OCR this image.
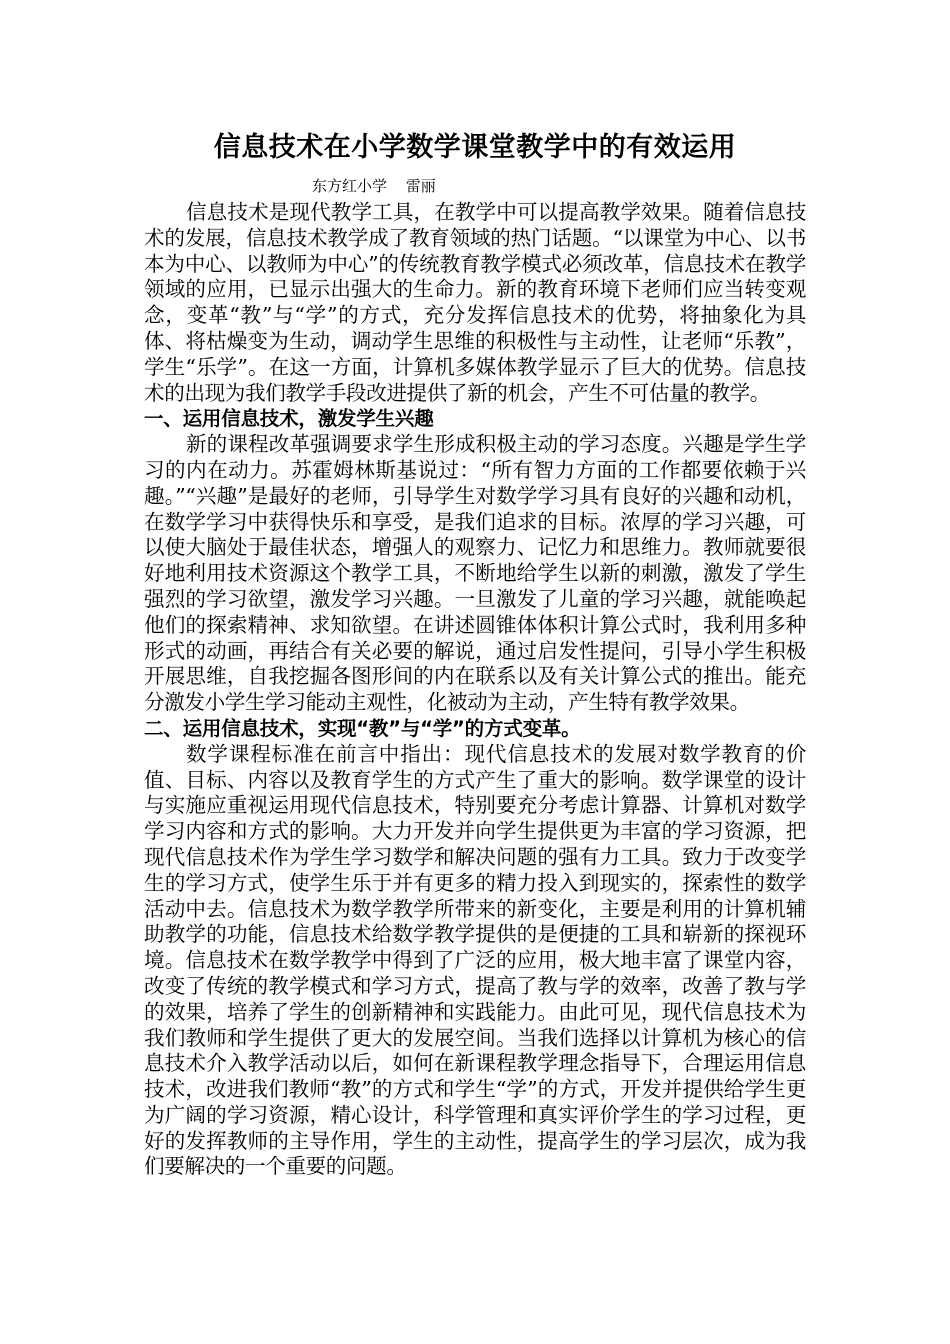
信息技术在小学数学课堂教学中的有效运用

东方红小学 雷丽

信息技术是现代教学工具，在教学中可以提高教学效果。随着信息技术的发展，信息技术教学成了教育领域的热门话题。“以课堂为中心、以书本为中心、以教师为中心”的传统教育教学模式必须改革，信息技术在教学领域的应用，已显示出强大的生命力。新的教育环境下老师们应当转变观念，变革“教”与“学”的方式，充分发挥信息技术的优势，将抽象化为具体、将枯燥变为生动，调动学生思维的积极性与主动性，让老师“乐教”，学生“乐学”。在这一方面，计算机多媒体教学显示了巨大的优势。信息技术的出现为我们教学手段改进提供了新的机会，产生不可估量的教学。

一、运用信息技术，激发学生兴趣

新的课程改革强调要求学生形成积极主动的学习态度。兴趣是学生学习的内在动力。苏霍姆林斯基说过：“所有智力方面的工作都要依赖于兴趣。”“兴趣”是最好的老师，引导学生对数学学习具有良好的兴趣和动机，在数学学习中获得快乐和享受，是我们追求的目标。浓厚的学习兴趣，可以使大脑处于最佳状态，增强人的观察力、记忆力和思维力。教师就要很好地利用技术资源这个教学工具，不断地给学生以新的刺激，激发了学生强烈的学习欲望，激发学习兴趣。一旦激发了儿童的学习兴趣，就能唤起他们的探索精神、求知欲望。在讲述圆锥体体积计算公式时，我利用多种形式的动画，再结合有关必要的解说，通过启发性提问，引导小学生积极开展思维，自我挖掘各图形间的内在联系以及有关计算公式的推出。能充分激发小学生学习能动主观性，化被动为主动，产生特有教学效果。

二、运用信息技术，实现“教”与“学”的方式变革。

数学课程标准在前言中指出：现代信息技术的发展对数学教育的价值、目标、内容以及教育学生的方式产生了重大的影响。数学课堂的设计与实施应重视运用现代信息技术，特别要充分考虑计算器、计算机对数学学习内容和方式的影响。大力开发并向学生提供更为丰富的学习资源，把现代信息技术作为学生学习数学和解决问题的强有力工具。致力于改变学生的学习方式，使学生乐于并有更多的精力投入到现实的，探索性的数学活动中去。信息技术为数学教学所带来的新变化，主要是利用的计算机辅助教学的功能，信息技术给数学教学提供的是便捷的工具和崭新的探视环境。信息技术在数学教学中得到了广泛的应用，极大地丰富了课堂内容，改变了传统的教学模式和学习方式，提高了教与学的效率，改善了教与学的效果，培养了学生的创新精神和实践能力。由此可见，现代信息技术为我们教师和学生提供了更大的发展空间。当我们选择以计算机为核心的信息技术介入教学活动以后，如何在新课程教学理念指导下，合理运用信息技术，改进我们教师“教”的方式和学生“学”的方式，开发并提供给学生更为广阔的学习资源，精心设计，科学管理和真实评价学生的学习过程，更好的发挥教师的主导作用，学生的主动性，提高学生的学习层次，成为我们要解决的一个重要的问题。
